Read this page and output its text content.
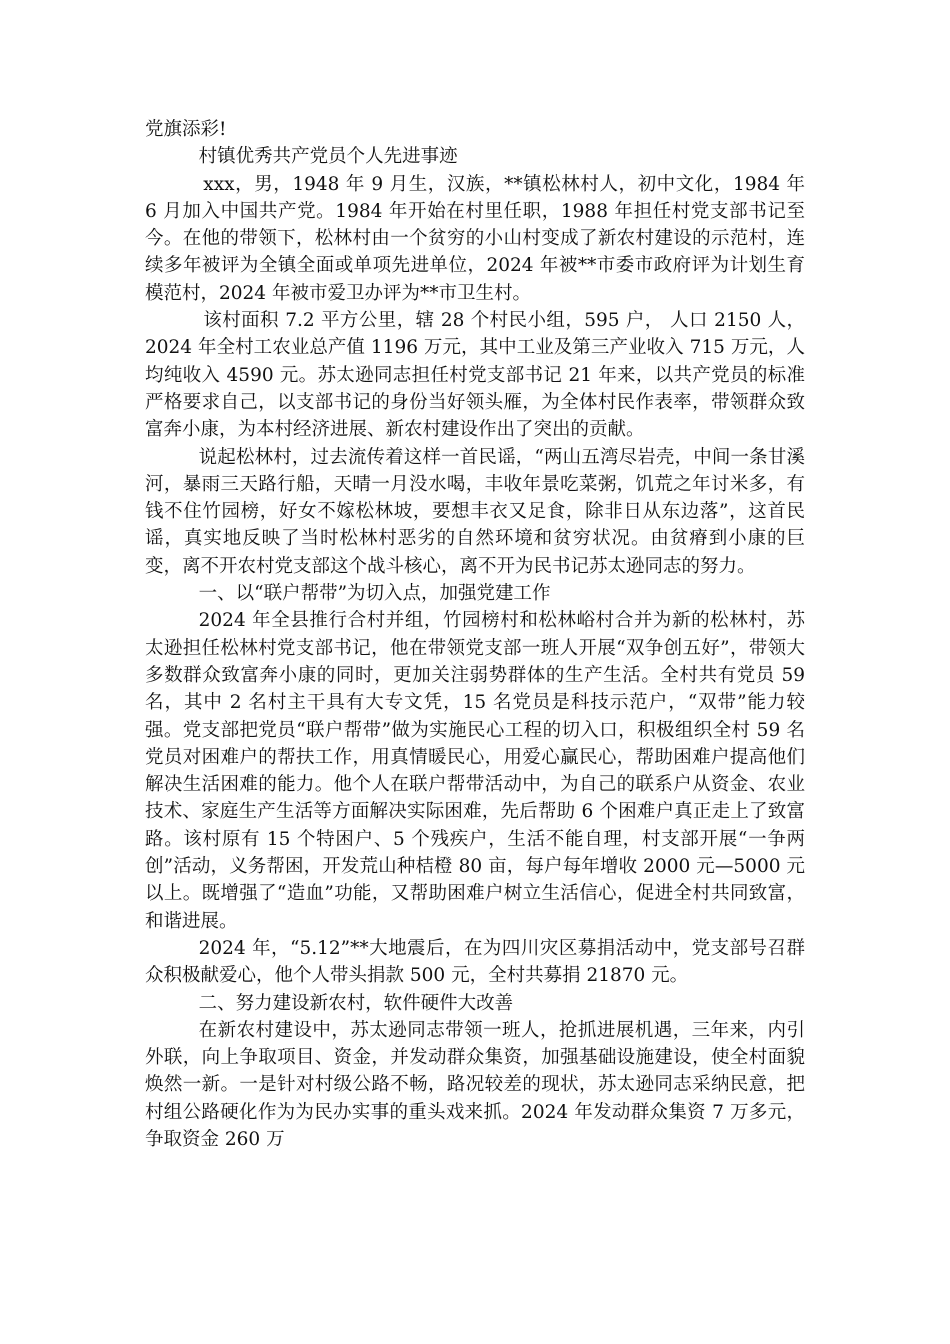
党旗添彩!

村镇优秀共产党员个人先进事迹

xxx，男，1948 年 9 月生，汉族，**镇松林村人，初中文化，1984 年 6 月加入中国共产党。1984 年开始在村里任职，1988 年担任村党支部书记至今。在他的带领下，松林村由一个贫穷的小山村变成了新农村建设的示范村，连续多年被评为全镇全面或单项先进单位，2024 年被**市委市政府评为计划生育模范村，2024 年被市爱卫办评为**市卫生村。

该村面积 7.2 平方公里，辖 28 个村民小组，595 户， 人口 2150 人，2024 年全村工农业总产值 1196 万元，其中工业及第三产业收入 715 万元，人均纯收入 4590 元。苏太逊同志担任村党支部书记 21 年来，以共产党员的标准严格要求自己，以支部书记的身份当好领头雁，为全体村民作表率，带领群众致富奔小康，为本村经济进展、新农村建设作出了突出的贡献。

说起松林村，过去流传着这样一首民谣，“两山五湾尽岩壳，中间一条甘溪河，暴雨三天路行船，天晴一月没水喝，丰收年景吃菜粥，饥荒之年讨米多，有钱不住竹园榜，好女不嫁松林坡，要想丰衣又足食，除非日从东边落”，这首民谣，真实地反映了当时松林村恶劣的自然环境和贫穷状况。由贫瘠到小康的巨变，离不开农村党支部这个战斗核心，离不开为民书记苏太逊同志的努力。

一、以“联户帮带”为切入点，加强党建工作

2024 年全县推行合村并组，竹园榜村和松林峪村合并为新的松林村，苏太逊担任松林村党支部书记，他在带领党支部一班人开展“双争创五好”，带领大多数群众致富奔小康的同时，更加关注弱势群体的生产生活。全村共有党员 59 名，其中 2 名村主干具有大专文凭，15 名党员是科技示范户，“双带”能力较强。党支部把党员“联户帮带”做为实施民心工程的切入口，积极组织全村 59 名党员对困难户的帮扶工作，用真情暖民心，用爱心赢民心，帮助困难户提高他们解决生活困难的能力。他个人在联户帮带活动中，为自己的联系户从资金、农业技术、家庭生产生活等方面解决实际困难，先后帮助 6 个困难户真正走上了致富路。该村原有 15 个特困户、5 个残疾户，生活不能自理，村支部开展“一争两创”活动，义务帮困，开发荒山种桔橙 80 亩，每户每年增收 2000 元—5000 元以上。既增强了“造血”功能，又帮助困难户树立生活信心，促进全村共同致富，和谐进展。

2024 年，“5.12”**大地震后，在为四川灾区募捐活动中，党支部号召群众积极献爱心，他个人带头捐款 500 元，全村共募捐 21870 元。

二、努力建设新农村，软件硬件大改善

在新农村建设中，苏太逊同志带领一班人，抢抓进展机遇，三年来，内引外联，向上争取项目、资金，并发动群众集资，加强基础设施建设，使全村面貌焕然一新。一是针对村级公路不畅，路况较差的现状，苏太逊同志采纳民意，把村组公路硬化作为为民办实事的重头戏来抓。2024 年发动群众集资 7 万多元，争取资金 260 万
